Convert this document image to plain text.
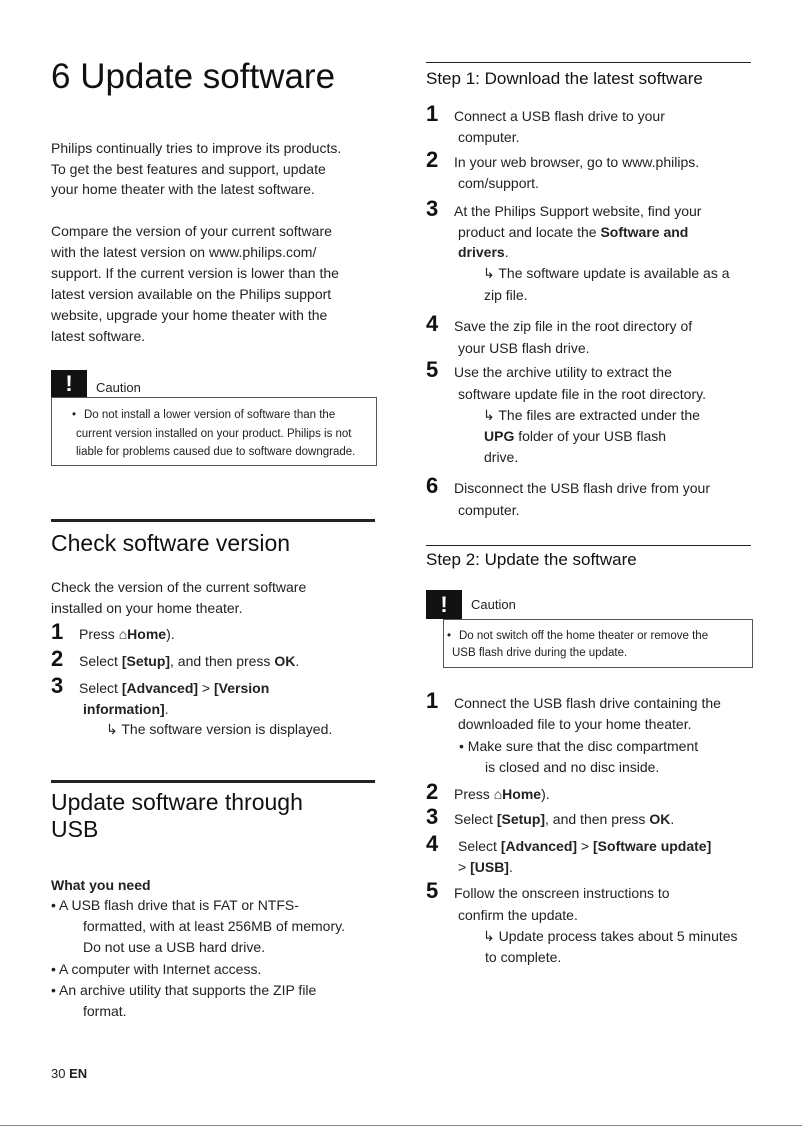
6 Update software
Philips continually tries to improve its products.
To get the best features and support, update
your home theater with the latest software.
Compare the version of your current software
with the latest version on www.philips.com/
support. If the current version is lower than the
latest version available on the Philips support
website, upgrade your home theater with the
latest software.
!	Caution
• Do not install a lower version of software than the
current version installed on your product. Philips is not
liable for problems caused due to software downgrade.
Check software version
Check the version of the current software
installed on your home theater.
1 Press ⌂Home).
2 Select [Setup], and then press OK.
3 Select [Advanced] > [Version
information].
↳ The software version is displayed.
Update software through
USB
What you need
• A USB flash drive that is FAT or NTFS-
formatted, with at least 256MB of memory.
Do not use a USB hard drive.
• A computer with Internet access.
• An archive utility that supports the ZIP file
format.
30 EN
Step 1: Download the latest software
1 Connect a USB flash drive to your
computer.
2 In your web browser, go to www.philips.
com/support.
3 At the Philips Support website, find your
product and locate the Software and
drivers.
↳ The software update is available as a
zip file.
4 Save the zip file in the root directory of
your USB flash drive.
5 Use the archive utility to extract the
software update file in the root directory.
↳ The files are extracted under the
UPG folder of your USB flash
drive.
6 Disconnect the USB flash drive from your
computer.
Step 2: Update the software
!	Caution
• Do not switch off the home theater or remove the
USB flash drive during the update.
1 Connect the USB flash drive containing the
downloaded file to your home theater.
• Make sure that the disc compartment
is closed and no disc inside.
2 Press ⌂Home).
3 Select [Setup], and then press OK.
4 Select [Advanced] > [Software update]
> [USB].
5 Follow the onscreen instructions to
confirm the update.
↳ Update process takes about 5 minutes
to complete.
